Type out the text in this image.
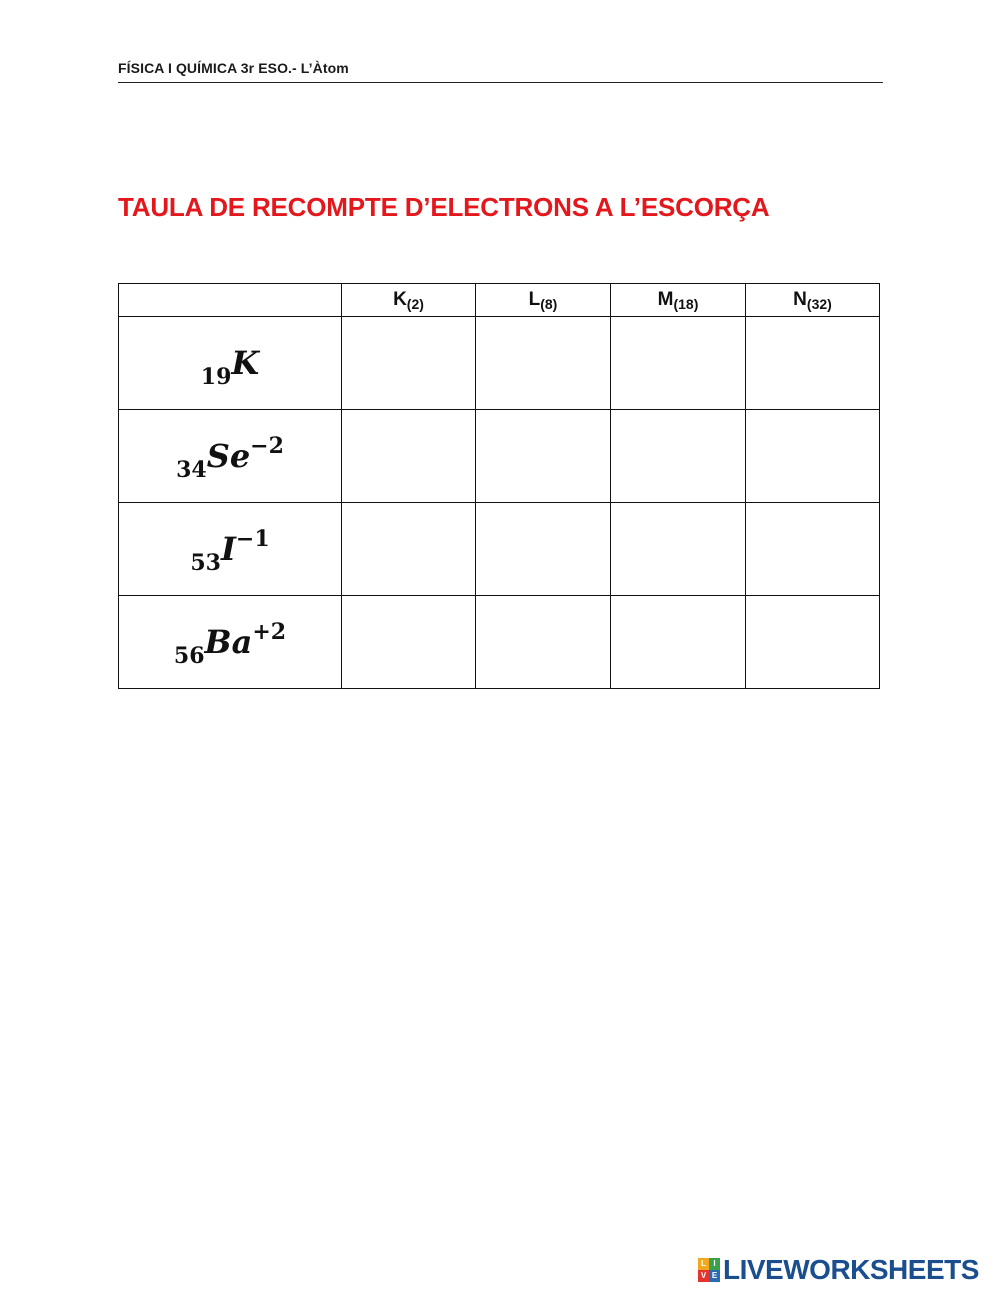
FÍSICA I QUÍMICA 3r ESO.- L’Àtom
TAULA DE RECOMPTE D’ELECTRONS A L’ESCORÇA
	$K_{(2)}$	$L_{(8)}$	$M_{(18)}$	$N_{(32)}$
19K				
34Se−2				
53I−1				
56Ba+2				
L I
V E LIVEWORKSHEETS
